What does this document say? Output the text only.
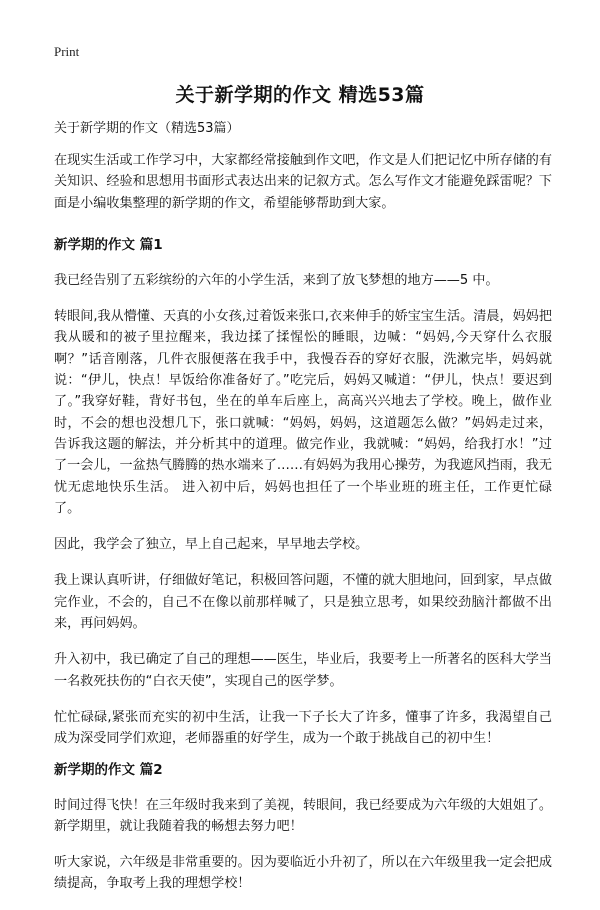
Print
关于新学期的作文 精选53篇

关于新学期的作文（精选53篇）

在现实生活或工作学习中，大家都经常接触到作文吧，作文是人们把记忆中所存储的有关知识、经验和思想用书面形式表达出来的记叙方式。怎么写作文才能避免踩雷呢？下面是小编收集整理的新学期的作文，希望能够帮助到大家。

新学期的作文 篇1

我已经告别了五彩缤纷的六年的小学生活，来到了放飞梦想的地方——5 中。

转眼间,我从懵懂、天真的小女孩,过着饭来张口,衣来伸手的娇宝宝生活。清晨，妈妈把我从暖和的被子里拉醒来，我边揉了揉惺忪的睡眼，边喊：“妈妈,今天穿什么衣服啊？”话音刚落，几件衣服便落在我手中，我慢吞吞的穿好衣服，洗漱完毕，妈妈就说：“伊儿，快点！早饭给你准备好了。”吃完后，妈妈又喊道：“伊儿，快点！要迟到了。”我穿好鞋，背好书包，坐在的单车后座上，高高兴兴地去了学校。晚上，做作业时，不会的想也没想几下，张口就喊：“妈妈，妈妈，这道题怎么做？”妈妈走过来，告诉我这题的解法，并分析其中的道理。做完作业，我就喊：“妈妈，给我打水！”过了一会儿，一盆热气腾腾的热水端来了……有妈妈为我用心操劳，为我遮风挡雨，我无忧无虑地快乐生活。 进入初中后，妈妈也担任了一个毕业班的班主任，工作更忙碌了。

因此，我学会了独立，早上自己起来，早早地去学校。

我上课认真听讲，仔细做好笔记，积极回答问题，不懂的就大胆地问，回到家，早点做完作业，不会的，自己不在像以前那样喊了，只是独立思考，如果绞劲脑汁都做不出来，再问妈妈。

升入初中，我已确定了自己的理想——医生，毕业后，我要考上一所著名的医科大学当一名救死扶伤的“白衣天使”，实现自己的医学梦。

忙忙碌碌,紧张而充实的初中生活，让我一下子长大了许多，懂事了许多，我渴望自己成为深受同学们欢迎，老师器重的好学生，成为一个敢于挑战自己的初中生！

新学期的作文 篇2

时间过得飞快！在三年级时我来到了美视，转眼间，我已经要成为六年级的大姐姐了。新学期里，就让我随着我的畅想去努力吧！

听大家说，六年级是非常重要的。因为要临近小升初了，所以在六年级里我一定会把成绩提高，争取考上我的理想学校！
